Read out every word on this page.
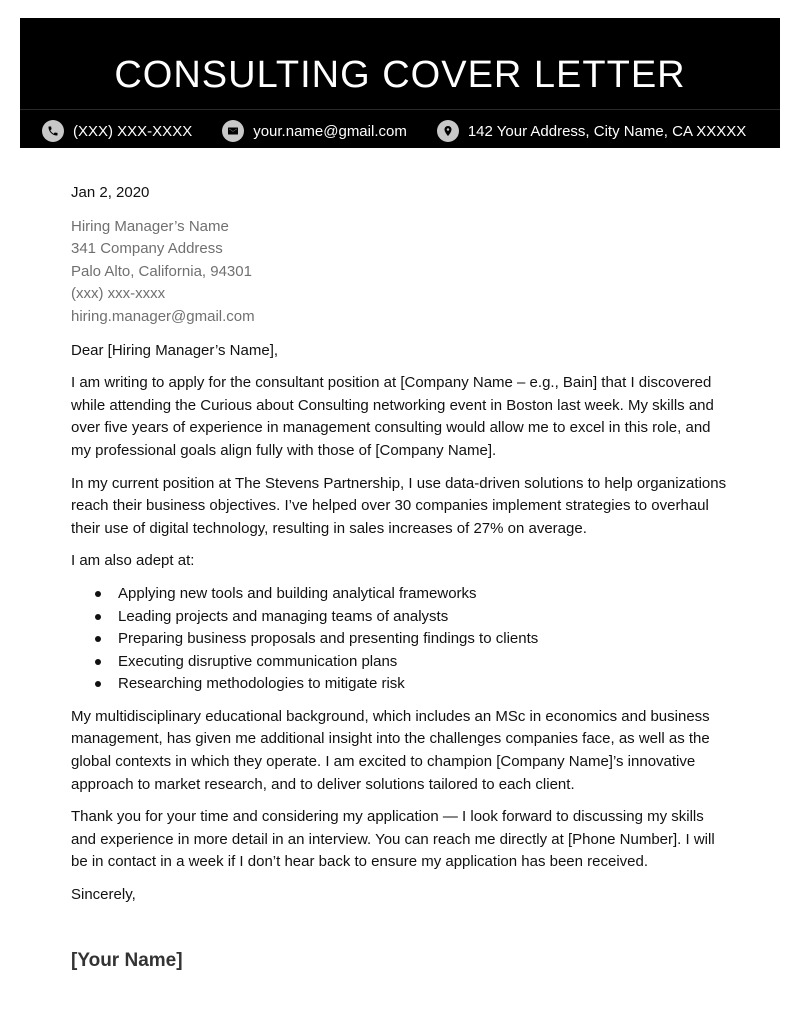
CONSULTING COVER LETTER
(XXX) XXX-XXXX	your.name@gmail.com	142 Your Address, City Name, CA XXXXX
Jan 2, 2020
Hiring Manager’s Name
341 Company Address
Palo Alto, California, 94301
(xxx) xxx-xxxx
hiring.manager@gmail.com

Dear [Hiring Manager’s Name],

I am writing to apply for the consultant position at [Company Name – e.g., Bain] that I discovered while attending the Curious about Consulting networking event in Boston last week. My skills and over five years of experience in management consulting would allow me to excel in this role, and my professional goals align fully with those of [Company Name].

In my current position at The Stevens Partnership, I use data-driven solutions to help organizations reach their business objectives. I’ve helped over 30 companies implement strategies to overhaul their use of digital technology, resulting in sales increases of 27% on average.

I am also adept at:

Applying new tools and building analytical frameworks
Leading projects and managing teams of analysts
Preparing business proposals and presenting findings to clients
Executing disruptive communication plans
Researching methodologies to mitigate risk

My multidisciplinary educational background, which includes an MSc in economics and business management, has given me additional insight into the challenges companies face, as well as the global contexts in which they operate. I am excited to champion [Company Name]’s innovative approach to market research, and to deliver solutions tailored to each client.

Thank you for your time and considering my application — I look forward to discussing my skills and experience in more detail in an interview. You can reach me directly at [Phone Number]. I will be in contact in a week if I don’t hear back to ensure my application has been received.

Sincerely,

[Your Name]
